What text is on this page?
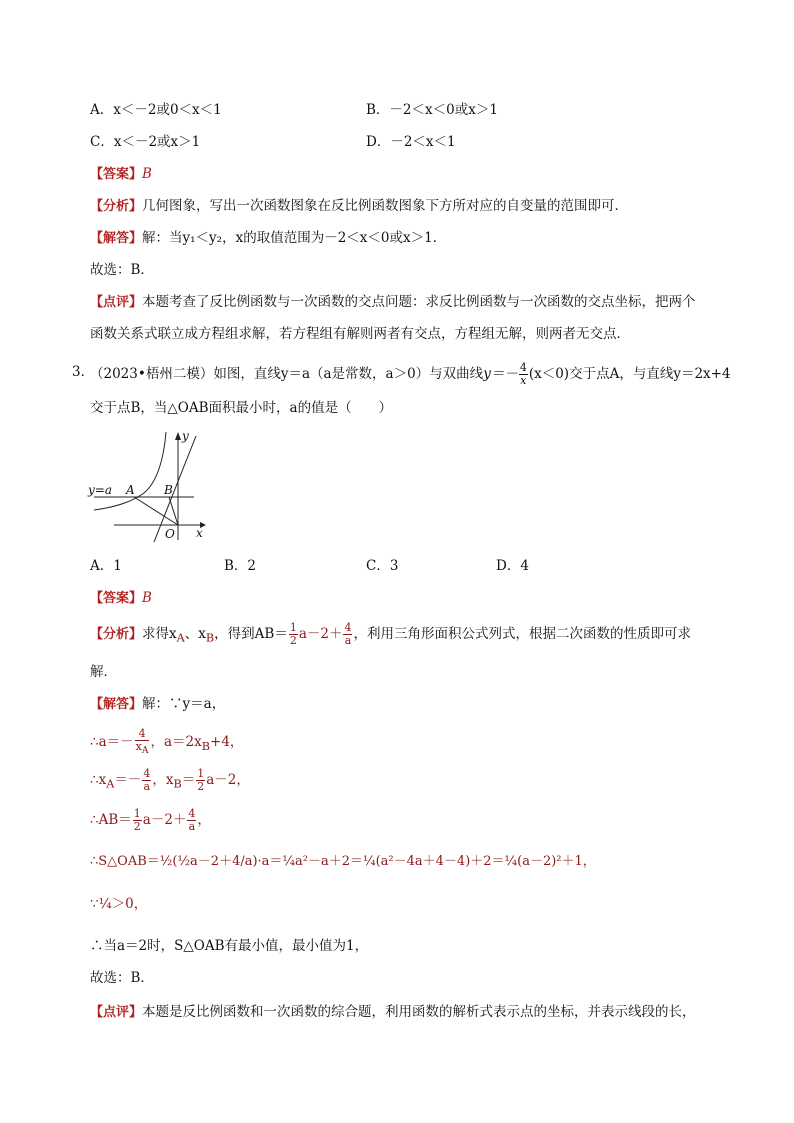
A．x＜－2或0＜x＜1	B．－2＜x＜0或x＞1
C．x＜－2或x＞1	D．－2＜x＜1
【答案】B
【分析】几何图象，写出一次函数图象在反比例函数图象下方所对应的自变量的范围即可．
【解答】解：当y₁＜y₂，x的取值范围为－2＜x＜0或x＞1．
故选：B．
【点评】本题考查了反比例函数与一次函数的交点问题：求反比例函数与一次函数的交点坐标，把两个
函数关系式联立成方程组求解，若方程组有解则两者有交点，方程组无解，则两者无交点．
3．
（2023•梧州二模）如图，直线y＝a（a是常数，a＞0）与双曲线$y=- \frac{4}{x} (x<0)$交于点A，与直线y＝2x+4
交于点B，当△OAB面积最小时，a的值是（　　）
y=a A B
O x
y
A．1	B．2	C．3	D．4
【答案】B
【分析】求得$x_A$、$x_B$，得到$AB= \frac{1}{2} a-2+ \frac{4}{a}$ ，利用三角形面积公式列式，根据二次函数的性质即可求
解．
【解答】解：∵y＝a，
∴a＝－ $\frac{4}{x_A}$ ，$a=2x_B+4$，
$\therefore x_A=- \frac{4}{a}$ ，$x_B= \frac{1}{2} a-2$，
∴AB＝ $\frac{1}{2} a-2+ \frac{4}{a}$ ，
∴S△OAB＝½(½a－2＋4/a)·a＝¼a²－a＋2＝¼(a²－4a＋4－4)＋2＝¼(a－2)²＋1，
∵¼＞0，
∴当a＝2时，S△OAB有最小值，最小值为1，
故选：B．
【点评】本题是反比例函数和一次函数的综合题，利用函数的解析式表示点的坐标，并表示线段的长，
